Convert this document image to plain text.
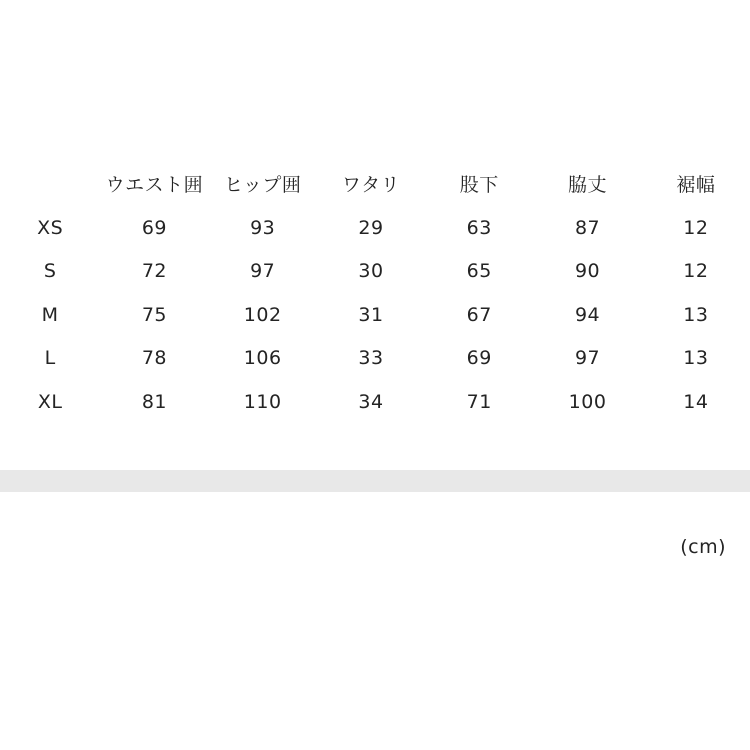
	ウエスト囲	ヒップ囲	ワタリ	股下	脇丈	裾幅
XS	69	93	29	63	87	12
S	72	97	30	65	90	12
M	75	102	31	67	94	13
L	78	106	33	69	97	13
XL	81	110	34	71	100	14
(cm)
